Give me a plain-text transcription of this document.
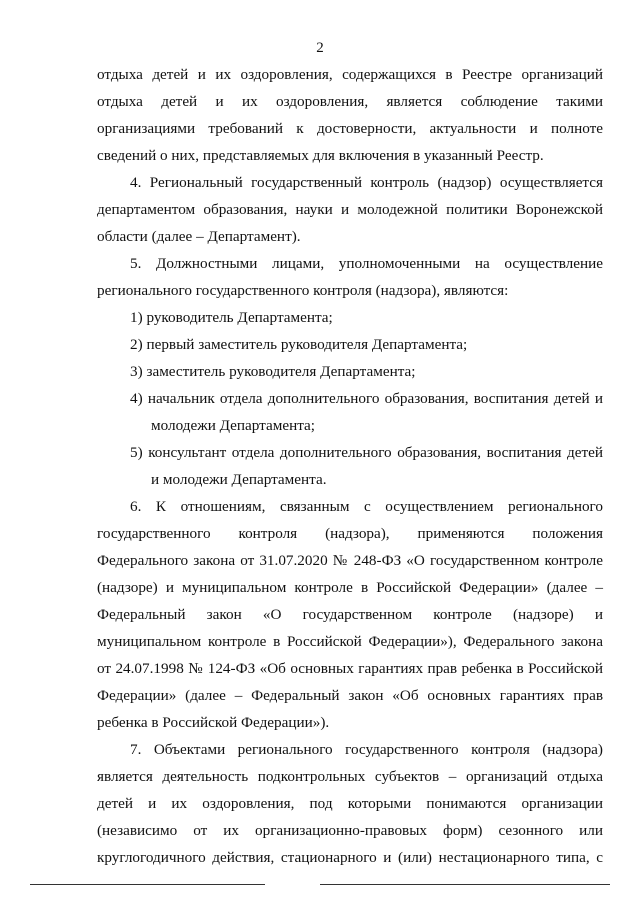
2
отдыха детей и их оздоровления, содержащихся в Реестре организаций
отдыха детей и их оздоровления, является соблюдение такими
организациями требований к достоверности, актуальности и полноте
сведений о них, представляемых для включения в указанный Реестр.
4. Региональный государственный контроль (надзор) осуществляется
департаментом образования, науки и молодежной политики Воронежской
области (далее – Департамент).
5. Должностными лицами, уполномоченными на осуществление
регионального государственного контроля (надзора), являются:
1) руководитель Департамента;
2) первый заместитель руководителя Департамента;
3) заместитель руководителя Департамента;
4) начальник отдела дополнительного образования, воспитания детей и
молодежи Департамента;
5) консультант отдела дополнительного образования, воспитания детей
и молодежи Департамента.
6. К отношениям, связанным с осуществлением регионального
государственного контроля (надзора), применяются положения
Федерального закона от 31.07.2020 № 248-ФЗ «О государственном контроле
(надзоре) и муниципальном контроле в Российской Федерации» (далее –
Федеральный закон «О государственном контроле (надзоре) и
муниципальном контроле в Российской Федерации»), Федерального закона
от 24.07.1998 № 124-ФЗ «Об основных гарантиях прав ребенка в Российской
Федерации» (далее – Федеральный закон «Об основных гарантиях прав
ребенка в Российской Федерации»).
7. Объектами регионального государственного контроля (надзора)
является деятельность подконтрольных субъектов – организаций отдыха
детей и их оздоровления, под которыми понимаются организации
(независимо от их организационно-правовых форм) сезонного или
круглогодичного действия, стационарного и (или) нестационарного типа, с
